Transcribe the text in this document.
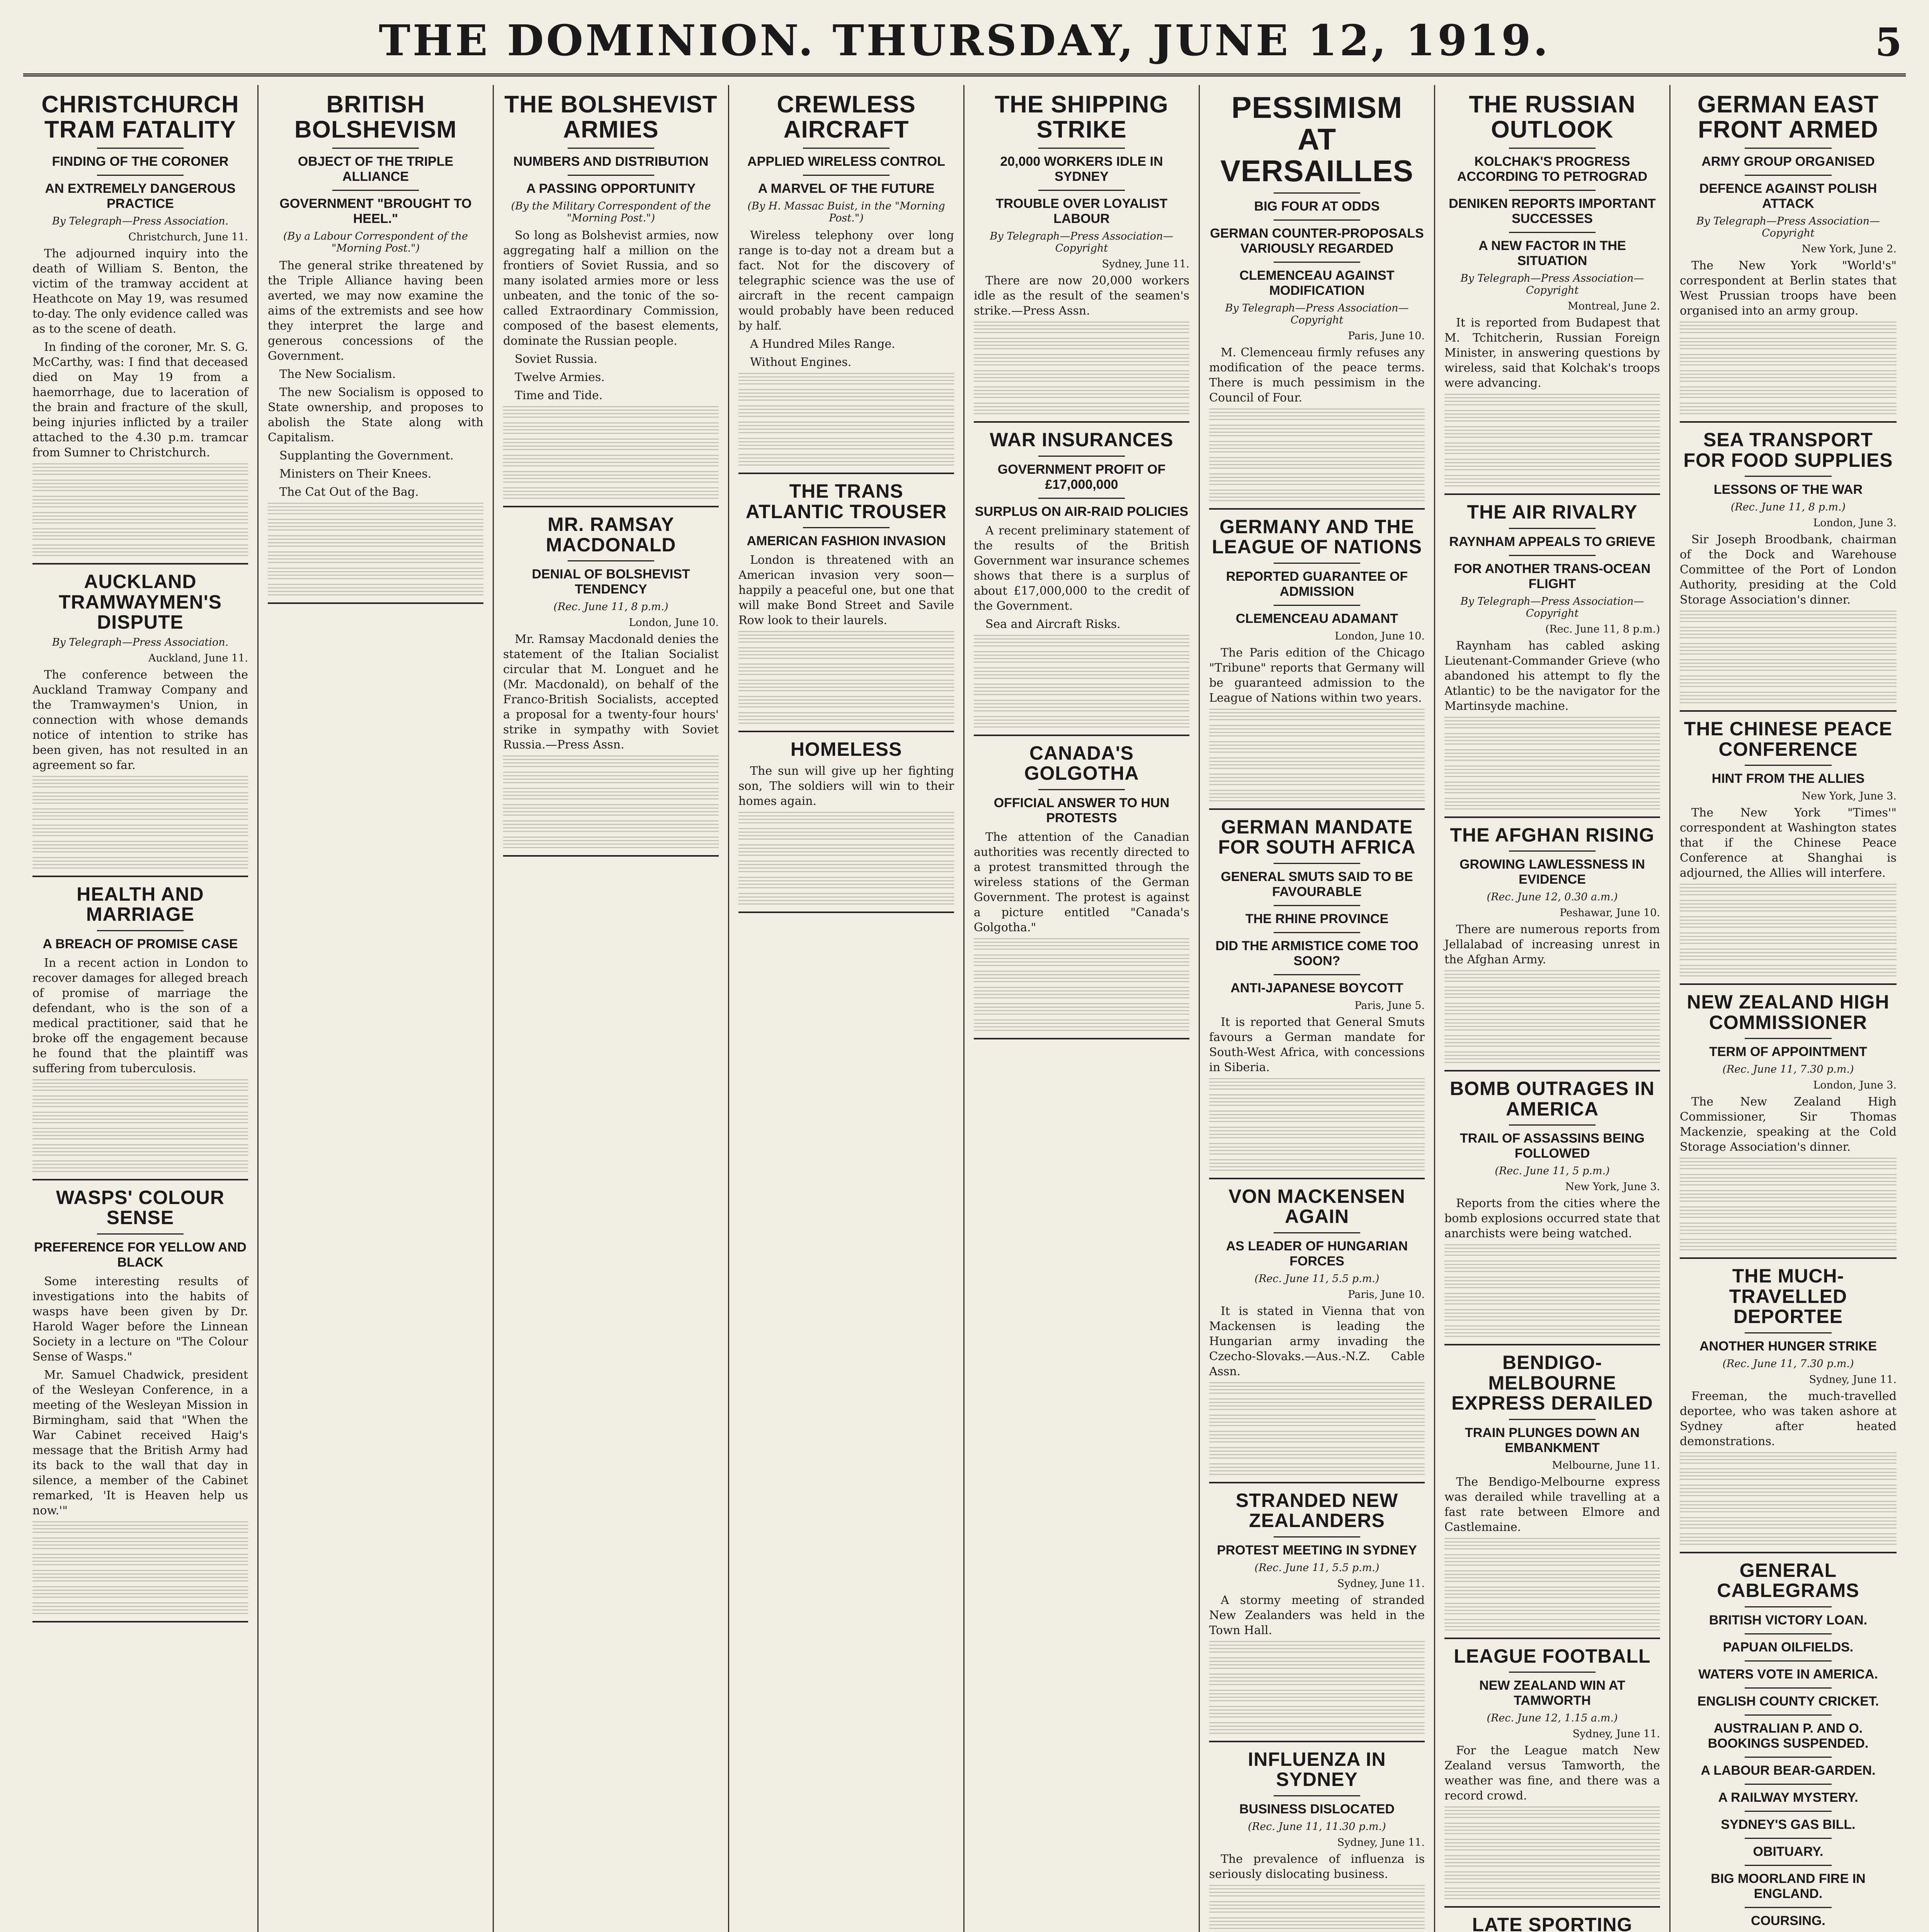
THE DOMINION. THURSDAY, JUNE 12, 1919.	5
CHRISTCHURCH TRAM FATALITY
FINDING OF THE CORONER
AN EXTREMELY DANGEROUS PRACTICE
By Telegraph—Press Association.
Christchurch, June 11.

The adjourned inquiry into the death of William S. Benton, the victim of the tramway accident at Heathcote on May 19, was resumed to-day. The only evidence called was as to the scene of death.

In finding of the coroner, Mr. S. G. McCarthy, was: I find that deceased died on May 19 from a haemorrhage, due to laceration of the brain and fracture of the skull, being injuries inflicted by a trailer attached to the 4.30 p.m. tramcar from Sumner to Christchurch.

AUCKLAND TRAMWAYMEN'S DISPUTE
By Telegraph—Press Association.
Auckland, June 11.

The conference between the Auckland Tramway Company and the Tramwaymen's Union, in connection with whose demands notice of intention to strike has been given, has not resulted in an agreement so far.

HEALTH AND MARRIAGE
A BREACH OF PROMISE CASE

In a recent action in London to recover damages for alleged breach of promise of marriage the defendant, who is the son of a medical practitioner, said that he broke off the engagement because he found that the plaintiff was suffering from tuberculosis.

WASPS' COLOUR SENSE
PREFERENCE FOR YELLOW AND BLACK

Some interesting results of investigations into the habits of wasps have been given by Dr. Harold Wager before the Linnean Society in a lecture on "The Colour Sense of Wasps."

Mr. Samuel Chadwick, president of the Wesleyan Conference, in a meeting of the Wesleyan Mission in Birmingham, said that "When the War Cabinet received Haig's message that the British Army had its back to the wall that day in silence, a member of the Cabinet remarked, 'It is Heaven help us now.'"

BRITISH BOLSHEVISM
OBJECT OF THE TRIPLE ALLIANCE
GOVERNMENT "BROUGHT TO HEEL."
(By a Labour Correspondent of the "Morning Post.")

The general strike threatened by the Triple Alliance having been averted, we may now examine the aims of the extremists and see how they interpret the large and generous concessions of the Government.

The New Socialism.

The new Socialism is opposed to State ownership, and proposes to abolish the State along with Capitalism.

Supplanting the Government.

Ministers on Their Knees.

The Cat Out of the Bag.

THE BOLSHEVIST ARMIES
NUMBERS AND DISTRIBUTION
A PASSING OPPORTUNITY
(By the Military Correspondent of the "Morning Post.")

So long as Bolshevist armies, now aggregating half a million on the frontiers of Soviet Russia, and so many isolated armies more or less unbeaten, and the tonic of the so-called Extraordinary Commission, composed of the basest elements, dominate the Russian people.

Soviet Russia.

Twelve Armies.

Time and Tide.

MR. RAMSAY MACDONALD
DENIAL OF BOLSHEVIST TENDENCY
(Rec. June 11, 8 p.m.)
London, June 10.

Mr. Ramsay Macdonald denies the statement of the Italian Socialist circular that M. Longuet and he (Mr. Macdonald), on behalf of the Franco-British Socialists, accepted a proposal for a twenty-four hours' strike in sympathy with Soviet Russia.—Press Assn.

CREWLESS AIRCRAFT
APPLIED WIRELESS CONTROL
A MARVEL OF THE FUTURE
(By H. Massac Buist, in the "Morning Post.")

Wireless telephony over long range is to-day not a dream but a fact. Not for the discovery of telegraphic science was the use of aircraft in the recent campaign would probably have been reduced by half.

A Hundred Miles Range.

Without Engines.

THE TRANS ATLANTIC TROUSER
AMERICAN FASHION INVASION

London is threatened with an American invasion very soon—happily a peaceful one, but one that will make Bond Street and Savile Row look to their laurels.

HOMELESS

The sun will give up her fighting son, The soldiers will win to their homes again.

THE SHIPPING STRIKE
20,000 WORKERS IDLE IN SYDNEY
TROUBLE OVER LOYALIST LABOUR
By Telegraph—Press Association—Copyright
Sydney, June 11.

There are now 20,000 workers idle as the result of the seamen's strike.—Press Assn.

WAR INSURANCES
GOVERNMENT PROFIT OF £17,000,000
SURPLUS ON AIR-RAID POLICIES

A recent preliminary statement of the results of the British Government war insurance schemes shows that there is a surplus of about £17,000,000 to the credit of the Government.

Sea and Aircraft Risks.

CANADA'S GOLGOTHA
OFFICIAL ANSWER TO HUN PROTESTS

The attention of the Canadian authorities was recently directed to a protest transmitted through the wireless stations of the German Government. The protest is against a picture entitled "Canada's Golgotha."

PESSIMISM AT VERSAILLES
BIG FOUR AT ODDS
GERMAN COUNTER-PROPOSALS VARIOUSLY REGARDED
CLEMENCEAU AGAINST MODIFICATION
By Telegraph—Press Association—Copyright
Paris, June 10.

M. Clemenceau firmly refuses any modification of the peace terms. There is much pessimism in the Council of Four.

GERMANY AND THE LEAGUE OF NATIONS
REPORTED GUARANTEE OF ADMISSION
CLEMENCEAU ADAMANT
London, June 10.

The Paris edition of the Chicago "Tribune" reports that Germany will be guaranteed admission to the League of Nations within two years.

GERMAN MANDATE FOR SOUTH AFRICA
GENERAL SMUTS SAID TO BE FAVOURABLE
THE RHINE PROVINCE
DID THE ARMISTICE COME TOO SOON?
ANTI-JAPANESE BOYCOTT
Paris, June 5.

It is reported that General Smuts favours a German mandate for South-West Africa, with concessions in Siberia.

VON MACKENSEN AGAIN
AS LEADER OF HUNGARIAN FORCES
(Rec. June 11, 5.5 p.m.)
Paris, June 10.

It is stated in Vienna that von Mackensen is leading the Hungarian army invading the Czecho-Slovaks.—Aus.-N.Z. Cable Assn.

STRANDED NEW ZEALANDERS
PROTEST MEETING IN SYDNEY
(Rec. June 11, 5.5 p.m.)
Sydney, June 11.

A stormy meeting of stranded New Zealanders was held in the Town Hall.

INFLUENZA IN SYDNEY
BUSINESS DISLOCATED
(Rec. June 11, 11.30 p.m.)
Sydney, June 11.

The prevalence of influenza is seriously dislocating business.

THE RUSSIAN OUTLOOK
KOLCHAK'S PROGRESS ACCORDING TO PETROGRAD
DENIKEN REPORTS IMPORTANT SUCCESSES
A NEW FACTOR IN THE SITUATION
By Telegraph—Press Association—Copyright
Montreal, June 2.

It is reported from Budapest that M. Tchitcherin, Russian Foreign Minister, in answering questions by wireless, said that Kolchak's troops were advancing.

THE AIR RIVALRY
RAYNHAM APPEALS TO GRIEVE
FOR ANOTHER TRANS-OCEAN FLIGHT
By Telegraph—Press Association—Copyright
(Rec. June 11, 8 p.m.)

Raynham has cabled asking Lieutenant-Commander Grieve (who abandoned his attempt to fly the Atlantic) to be the navigator for the Martinsyde machine.

THE AFGHAN RISING
GROWING LAWLESSNESS IN EVIDENCE
(Rec. June 12, 0.30 a.m.)
Peshawar, June 10.

There are numerous reports from Jellalabad of increasing unrest in the Afghan Army.

BOMB OUTRAGES IN AMERICA
TRAIL OF ASSASSINS BEING FOLLOWED
(Rec. June 11, 5 p.m.)
New York, June 3.

Reports from the cities where the bomb explosions occurred state that anarchists were being watched.

BENDIGO-MELBOURNE EXPRESS DERAILED
TRAIN PLUNGES DOWN AN EMBANKMENT
Melbourne, June 11.

The Bendigo-Melbourne express was derailed while travelling at a fast rate between Elmore and Castlemaine.

LEAGUE FOOTBALL
NEW ZEALAND WIN AT TAMWORTH
(Rec. June 12, 1.15 a.m.)
Sydney, June 11.

For the League match New Zealand versus Tamworth, the weather was fine, and there was a record crowd.

LATE SPORTING

GERMAN EAST FRONT ARMED
ARMY GROUP ORGANISED
DEFENCE AGAINST POLISH ATTACK
By Telegraph—Press Association—Copyright
New York, June 2.

The New York "World's" correspondent at Berlin states that West Prussian troops have been organised into an army group.

SEA TRANSPORT FOR FOOD SUPPLIES
LESSONS OF THE WAR
(Rec. June 11, 8 p.m.)
London, June 3.

Sir Joseph Broodbank, chairman of the Dock and Warehouse Committee of the Port of London Authority, presiding at the Cold Storage Association's dinner.

THE CHINESE PEACE CONFERENCE
HINT FROM THE ALLIES
New York, June 3.

The New York "Times'" correspondent at Washington states that if the Chinese Peace Conference at Shanghai is adjourned, the Allies will interfere.

NEW ZEALAND HIGH COMMISSIONER
TERM OF APPOINTMENT
(Rec. June 11, 7.30 p.m.)
London, June 3.

The New Zealand High Commissioner, Sir Thomas Mackenzie, speaking at the Cold Storage Association's dinner.

THE MUCH-TRAVELLED DEPORTEE
ANOTHER HUNGER STRIKE
(Rec. June 11, 7.30 p.m.)
Sydney, June 11.

Freeman, the much-travelled deportee, who was taken ashore at Sydney after heated demonstrations.

GENERAL CABLEGRAMS
BRITISH VICTORY LOAN.
PAPUAN OILFIELDS.
WATERS VOTE IN AMERICA.
ENGLISH COUNTY CRICKET.
AUSTRALIAN P. AND O. BOOKINGS SUSPENDED.
A LABOUR BEAR-GARDEN.
A RAILWAY MYSTERY.
SYDNEY'S GAS BILL.
OBITUARY.
BIG MOORLAND FIRE IN ENGLAND.
COURSING.
